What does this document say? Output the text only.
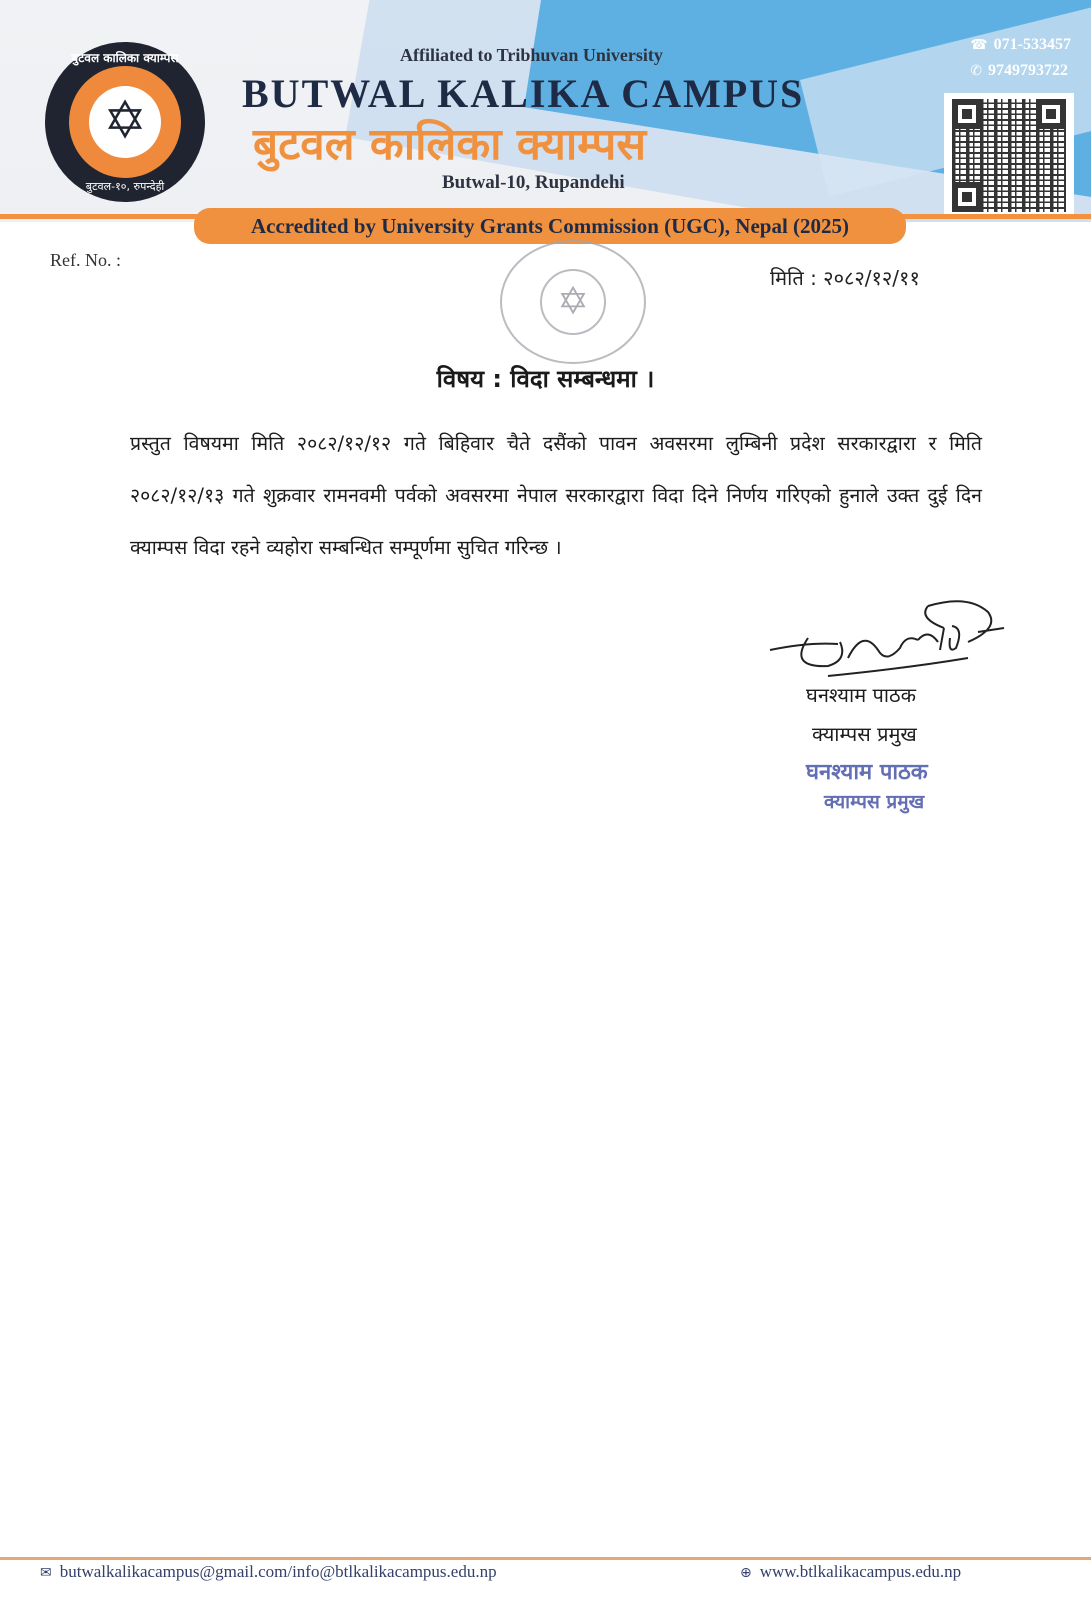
बुटवल कालिका क्याम्पस
✡
बुटवल-१०, रुपन्देही
Affiliated to Tribhuvan University
BUTWAL KALIKA CAMPUS
बुटवल कालिका क्याम्पस
Butwal-10, Rupandehi
☎ 071-533457
✆ 9749793722
Accredited by University Grants Commission (UGC), Nepal (2025)
Ref. No. :
✡
मिति : २०८२/१२/११
विषय : विदा सम्बन्धमा ।
प्रस्तुत विषयमा मिति २०८२/१२/१२ गते बिहिवार चैते दसैंको पावन अवसरमा लुम्बिनी प्रदेश सरकारद्वारा र मिति २०८२/१२/१३ गते शुक्रवार रामनवमी पर्वको अवसरमा नेपाल सरकारद्वारा विदा दिने निर्णय गरिएको हुनाले उक्त दुई दिन क्याम्पस विदा रहने व्यहोरा सम्बन्धित सम्पूर्णमा सुचित गरिन्छ ।
घनश्याम पाठक
क्याम्पस प्रमुख
घनश्याम पाठक
क्याम्पस प्रमुख
✉ butwalkalikacampus@gmail.com/info@btlkalikacampus.edu.np	⊕ www.btlkalikacampus.edu.np
